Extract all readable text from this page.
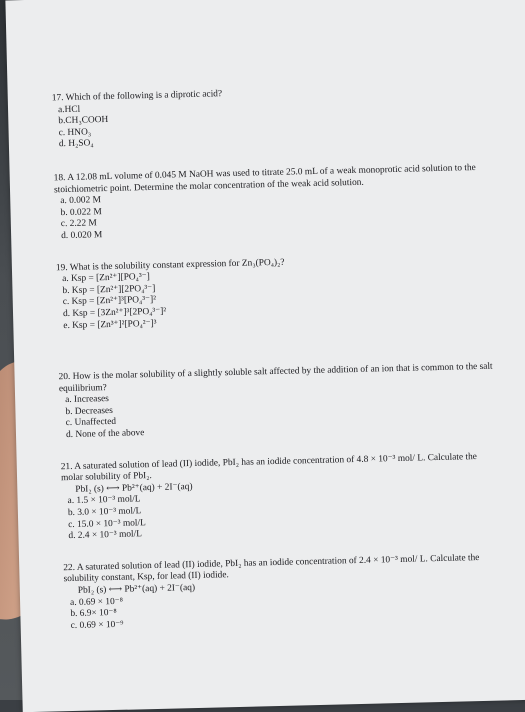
17. Which of the following is a diprotic acid?

a.HCl

b.CH₃COOH

c. HNO₃

d. H₂SO₄

18. A 12.08 mL volume of 0.045 M NaOH was used to titrate 25.0 mL of a weak monoprotic acid solution to the stoichiometric point. Determine the molar concentration of the weak acid solution.

a. 0.002 M

b. 0.022 M

c. 2.22 M

d. 0.020 M

19. What is the solubility constant expression for Zn₃(PO₄)₂?

a. Ksp = [Zn²⁺][PO₄³⁻]

b. Ksp = [Zn²⁺][2PO₄³⁻]

c. Ksp = [Zn²⁺]³[PO₄³⁻]²

d. Ksp = [3Zn²⁺]³[2PO₄³⁻]²

e. Ksp = [Zn³⁺]²[PO₄²⁻]³

20. How is the molar solubility of a slightly soluble salt affected by the addition of an ion that is common to the salt equilibrium?

a. Increases

b. Decreases

c. Unaffected

d. None of the above

21. A saturated solution of lead (II) iodide, PbI₂ has an iodide concentration of 4.8 × 10⁻³ mol/ L. Calculate the molar solubility of PbI₂.

PbI₂ (s) ⟷ Pb²⁺(aq) + 2I⁻(aq)

a. 1.5 × 10⁻³ mol/L

b. 3.0 × 10⁻³ mol/L

c. 15.0 × 10⁻³ mol/L

d. 2.4 × 10⁻³ mol/L

22. A saturated solution of lead (II) iodide, PbI₂ has an iodide concentration of 2.4 × 10⁻³ mol/ L. Calculate the solubility constant, Ksp, for lead (II) iodide.

PbI₂ (s) ⟷ Pb²⁺(aq) + 2I⁻(aq)

a. 0.69 × 10⁻⁸

b. 6.9× 10⁻⁸

c. 0.69 × 10⁻⁹
